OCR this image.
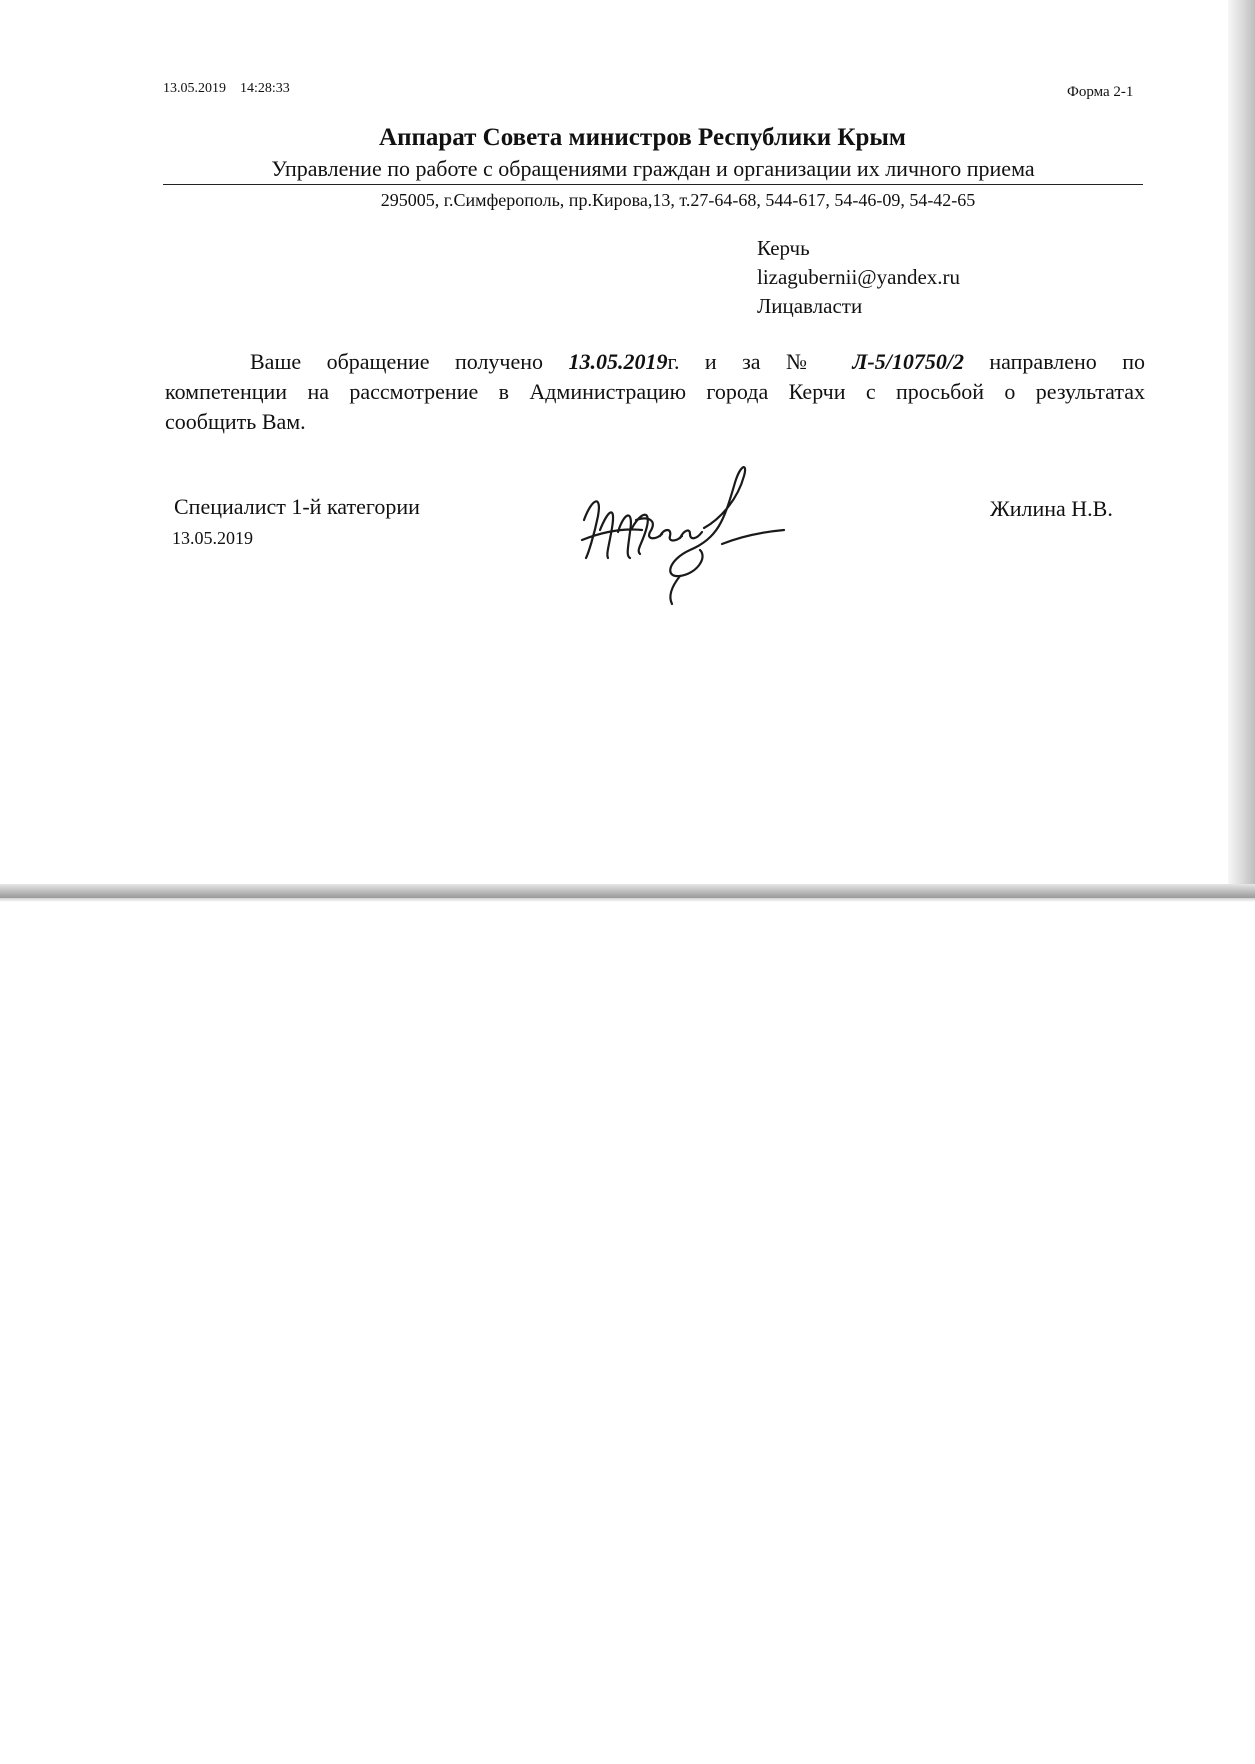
13.05.2019 14:28:33	Форма 2-1
Аппарат Совета министров Республики Крым
Управление по работе с обращениями граждан и организации их личного приема
295005, г.Симферополь, пр.Кирова,13, т.27-64-68, 544-617, 54-46-09, 54-42-65
Керчь
lizagubernii@yandex.ru
Лицавласти
Ваше обращение получено 13.05.2019г. и за № Л-5/10750/2 направлено по
компетенции на рассмотрение в Администрацию города Керчи с просьбой о результатах
сообщить Вам.
Специалист 1-й категории
13.05.2019
Жилина Н.В.
